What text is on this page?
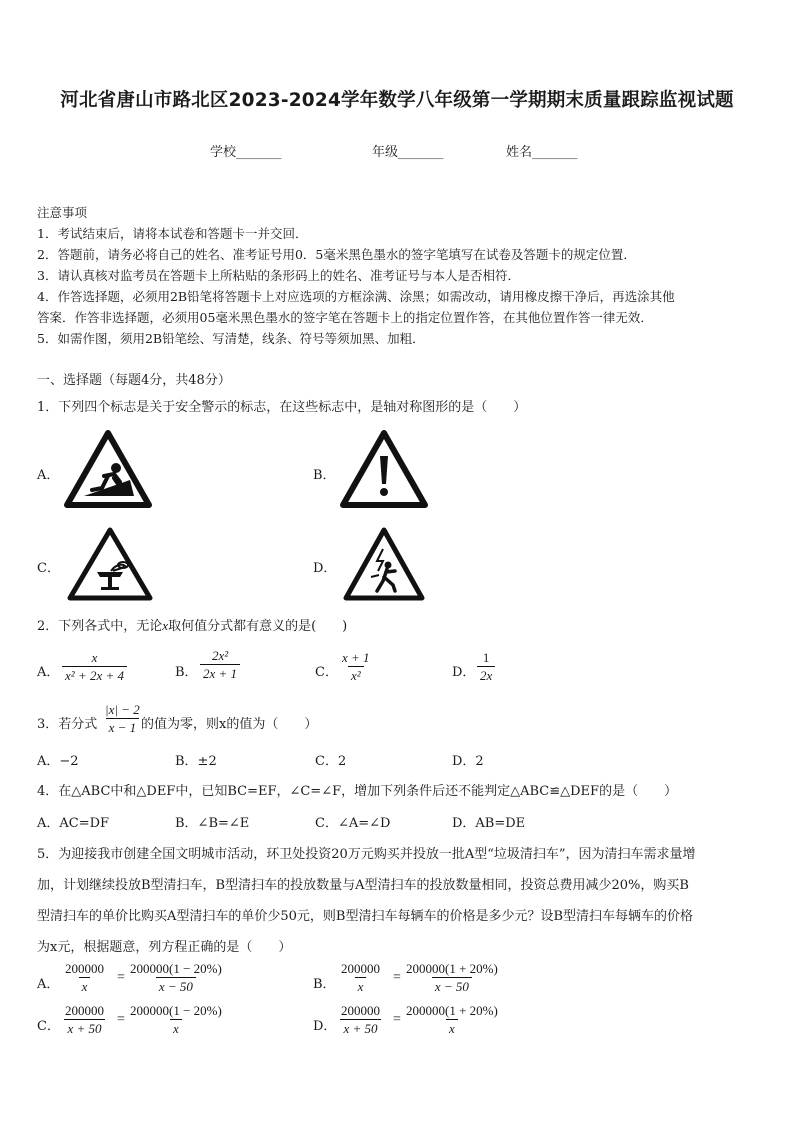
河北省唐山市路北区2023-2024学年数学八年级第一学期期末质量跟踪监视试题
学校_______	年级_______	姓名_______
注意事项
1．考试结束后，请将本试卷和答题卡一并交回．
2．答题前，请务必将自己的姓名、准考证号用0．5毫米黑色墨水的签字笔填写在试卷及答题卡的规定位置．
3．请认真核对监考员在答题卡上所粘贴的条形码上的姓名、准考证号与本人是否相符．
4．作答选择题，必须用2B铅笔将答题卡上对应选项的方框涂满、涂黑；如需改动，请用橡皮擦干净后，再选涂其他
答案．作答非选择题，必须用05毫米黑色墨水的签字笔在答题卡上的指定位置作答，在其他位置作答一律无效．
5．如需作图，须用2B铅笔绘、写清楚，线条、符号等须加黑、加粗．
一、选择题（每题4分，共48分）
1．下列四个标志是关于安全警示的标志，在这些标志中，是轴对称图形的是（　　）
A．	B．
C．	D．
2．下列各式中，无论x取何值分式都有意义的是(　　)
A． $\frac{x}{\text{x² + 2x + 4}}$	B． $\frac{\text{2x²}}{2x + 1}$	C． $\frac{x + 1}{\text{x²}}$	D． $\frac{1}{2x}$
3．若分式 $\frac{|x| - 2}{x - 1}$
的值为零，则x的值为（　　）
A．−2	B．±2	C．2	D．2
4．在△ABC中和△DEF中，已知BC=EF，∠C=∠F，增加下列条件后还不能判定△ABC≌△DEF的是（　　）
A．AC=DF	B．∠B=∠E	C．∠A=∠D	D．AB=DE
5．为迎接我市创建全国文明城市活动，环卫处投资20万元购买并投放一批A型“垃圾清扫车”，因为清扫车需求量增
加，计划继续投放B型清扫车，B型清扫车的投放数量与A型清扫车的投放数量相同，投资总费用减少20%，购买B
型清扫车的单价比购买A型清扫车的单价少50元，则B型清扫车每辆车的价格是多少元？设B型清扫车每辆车的价格
为x元，根据题意，列方程正确的是（　　）
A． $\frac{200000}{x} = \frac{200000(1 - 20\%)}{x - 50}$	B． $\frac{200000}{x} = \frac{200000(1 + 20\%)}{x - 50}$
C． $\frac{200000}{x + 50} = \frac{200000(1 - 20\%)}{x}$	D． $\frac{200000}{x + 50} = \frac{200000(1 + 20\%)}{x}$
